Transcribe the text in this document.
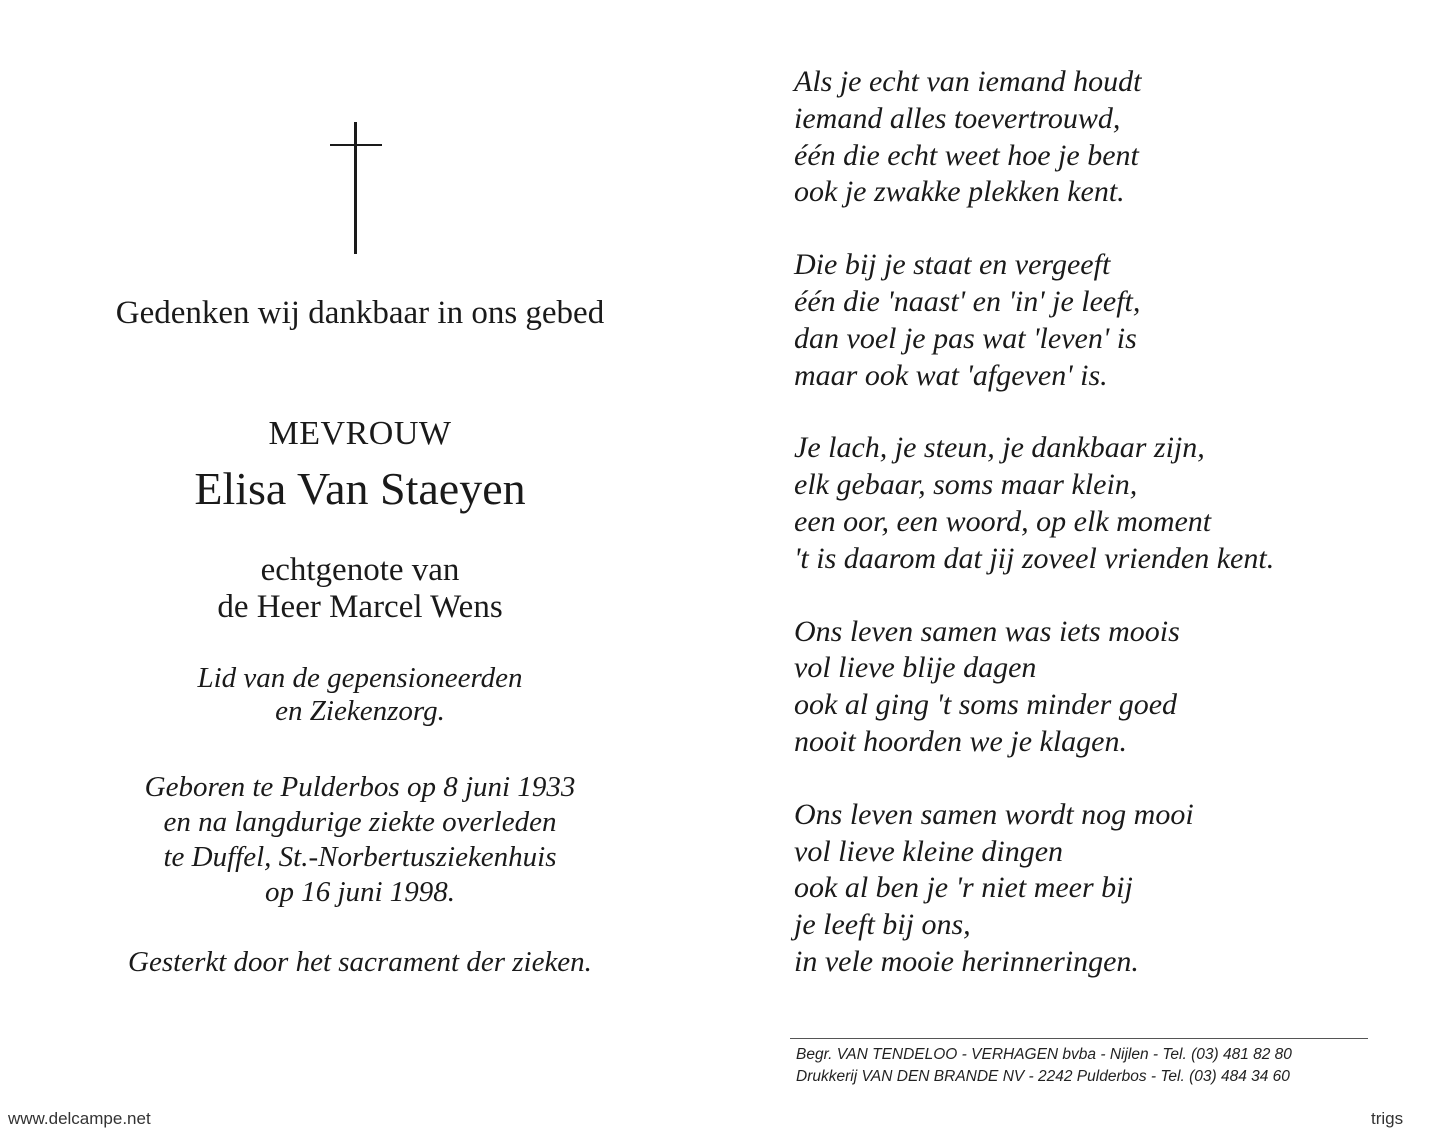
Gedenken wij dankbaar in ons gebed
MEVROUW
Elisa Van Staeyen
echtgenote van
de Heer Marcel Wens
Lid van de gepensioneerden
en Ziekenzorg.
Geboren te Pulderbos op 8 juni 1933
en na langdurige ziekte overleden
te Duffel, St.-Norbertusziekenhuis
op 16 juni 1998.
Gesterkt door het sacrament der zieken.
Als je echt van iemand houdt
iemand alles toevertrouwd,
één die echt weet hoe je bent
ook je zwakke plekken kent.
Die bij je staat en vergeeft
één die 'naast' en 'in' je leeft,
dan voel je pas wat 'leven' is
maar ook wat 'afgeven' is.
Je lach, je steun, je dankbaar zijn,
elk gebaar, soms maar klein,
een oor, een woord, op elk moment
't is daarom dat jij zoveel vrienden kent.
Ons leven samen was iets moois
vol lieve blije dagen
ook al ging 't soms minder goed
nooit hoorden we je klagen.
Ons leven samen wordt nog mooi
vol lieve kleine dingen
ook al ben je 'r niet meer bij
je leeft bij ons,
in vele mooie herinneringen.
Begr. VAN TENDELOO - VERHAGEN bvba - Nijlen - Tel. (03) 481 82 80
Drukkerij VAN DEN BRANDE NV - 2242 Pulderbos - Tel. (03) 484 34 60
www.delcampe.net	trigs
